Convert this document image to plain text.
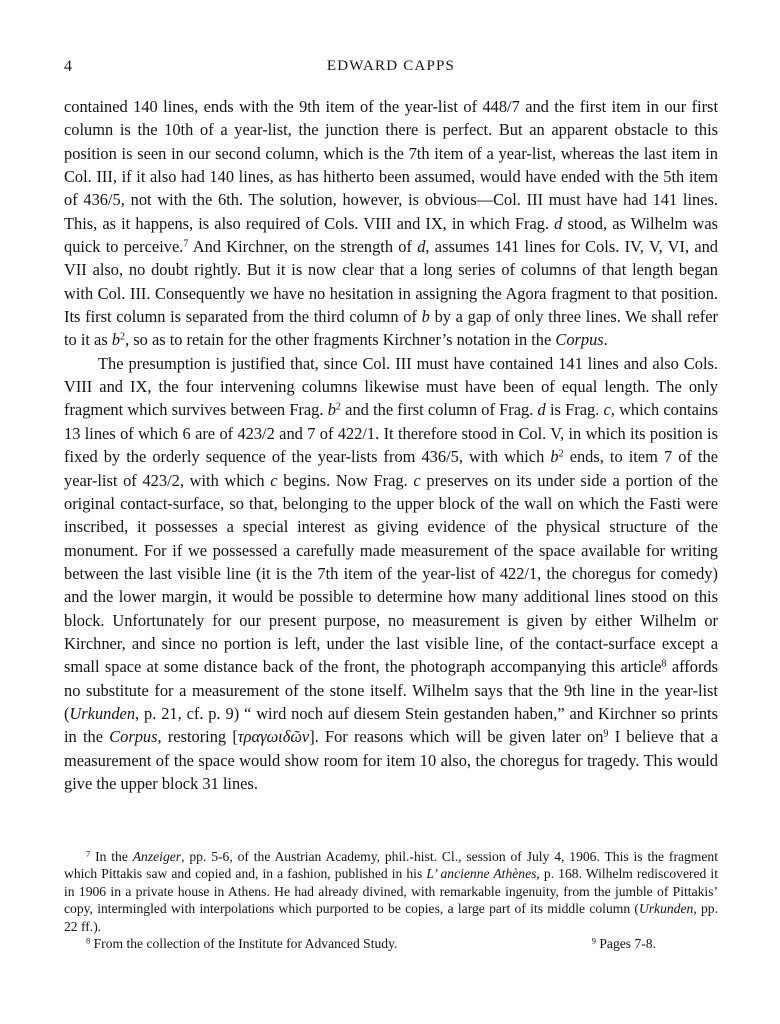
4	EDWARD CAPPS

contained 140 lines, ends with the 9th item of the year-list of 448/7 and the first item in our first column is the 10th of a year-list, the junction there is perfect. But an apparent obstacle to this position is seen in our second column, which is the 7th item of a year-list, whereas the last item in Col. III, if it also had 140 lines, as has hitherto been assumed, would have ended with the 5th item of 436/5, not with the 6th. The solution, however, is obvious—Col. III must have had 141 lines. This, as it happens, is also required of Cols. VIII and IX, in which Frag. d stood, as Wilhelm was quick to perceive.$^7$ And Kirchner, on the strength of d, assumes 141 lines for Cols. IV, V, VI, and VII also, no doubt rightly. But it is now clear that a long series of columns of that length began with Col. III. Consequently we have no hesitation in assigning the Agora fragment to that position. Its first column is separated from the third column of b by a gap of only three lines. We shall refer to it as $b^2$, so as to retain for the other fragments Kirchner’s notation in the Corpus.

The presumption is justified that, since Col. III must have contained 141 lines and also Cols. VIII and IX, the four intervening columns likewise must have been of equal length. The only fragment which survives between Frag. $b^2$ and the first column of Frag. d is Frag. c, which contains 13 lines of which 6 are of 423/2 and 7 of 422/1. It therefore stood in Col. V, in which its position is fixed by the orderly sequence of the year-lists from 436/5, with which $b^2$ ends, to item 7 of the year-list of 423/2, with which c begins. Now Frag. c preserves on its under side a portion of the original contact-surface, so that, belonging to the upper block of the wall on which the Fasti were inscribed, it possesses a special interest as giving evidence of the physical structure of the monument. For if we possessed a carefully made measurement of the space available for writing between the last visible line (it is the 7th item of the year-list of 422/1, the choregus for comedy) and the lower margin, it would be possible to determine how many additional lines stood on this block. Unfortunately for our present purpose, no measurement is given by either Wilhelm or Kirchner, and since no portion is left, under the last visible line, of the contact-surface except a small space at some distance back of the front, the photograph accompanying this article$^8$ affords no substitute for a measurement of the stone itself. Wilhelm says that the 9th line in the year-list (Urkunden, p. 21, cf. p. 9) “ wird noch auf diesem Stein gestanden haben,” and Kirchner so prints in the Corpus, restoring [τραγωιδῶν]. For reasons which will be given later $on^9$ I believe that a measurement of the space would show room for item 10 also, the choregus for tragedy. This would give the upper block 31 lines.

$^7$ In the Anzeiger, pp. 5-6, of the Austrian Academy, phil.-hist. Cl., session of July 4, 1906. This is the fragment which Pittakis saw and copied and, in a fashion, published in his L’ ancienne Athènes, p. 168. Wilhelm rediscovered it in 1906 in a private house in Athens. He had already divined, with remarkable ingenuity, from the jumble of Pittakis’ copy, intermingled with interpolations which purported to be copies, a large part of its middle column (Urkunden, pp. 22 ff.).

$^8$ From the collection of the Institute for Advanced Study.	$^9$ Pages 7-8.
